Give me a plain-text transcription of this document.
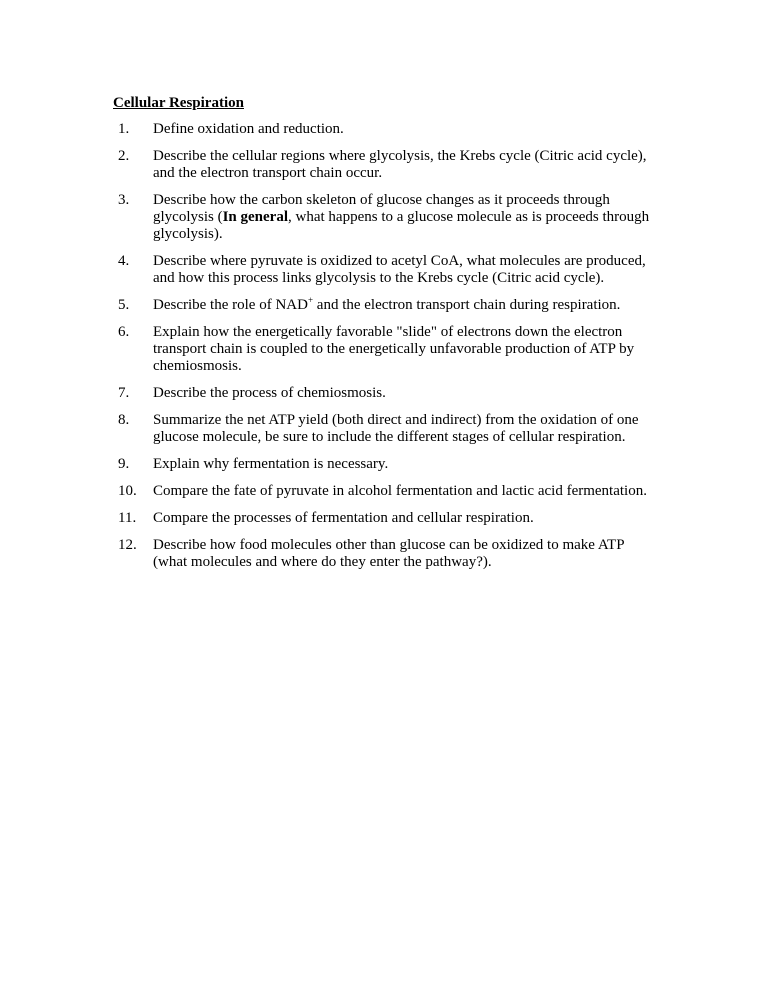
Cellular Respiration
1. Define oxidation and reduction.
2. Describe the cellular regions where glycolysis, the Krebs cycle (Citric acid cycle), and the electron transport chain occur.
3. Describe how the carbon skeleton of glucose changes as it proceeds through glycolysis (In general, what happens to a glucose molecule as is proceeds through glycolysis).
4. Describe where pyruvate is oxidized to acetyl CoA, what molecules are produced, and how this process links glycolysis to the Krebs cycle (Citric acid cycle).
5. Describe the role of NAD+ and the electron transport chain during respiration.
6. Explain how the energetically favorable "slide" of electrons down the electron transport chain is coupled to the energetically unfavorable production of ATP by chemiosmosis.
7. Describe the process of chemiosmosis.
8. Summarize the net ATP yield (both direct and indirect) from the oxidation of one glucose molecule, be sure to include the different stages of cellular respiration.
9. Explain why fermentation is necessary.
10. Compare the fate of pyruvate in alcohol fermentation and lactic acid fermentation.
11. Compare the processes of fermentation and cellular respiration.
12. Describe how food molecules other than glucose can be oxidized to make ATP (what molecules and where do they enter the pathway?).
